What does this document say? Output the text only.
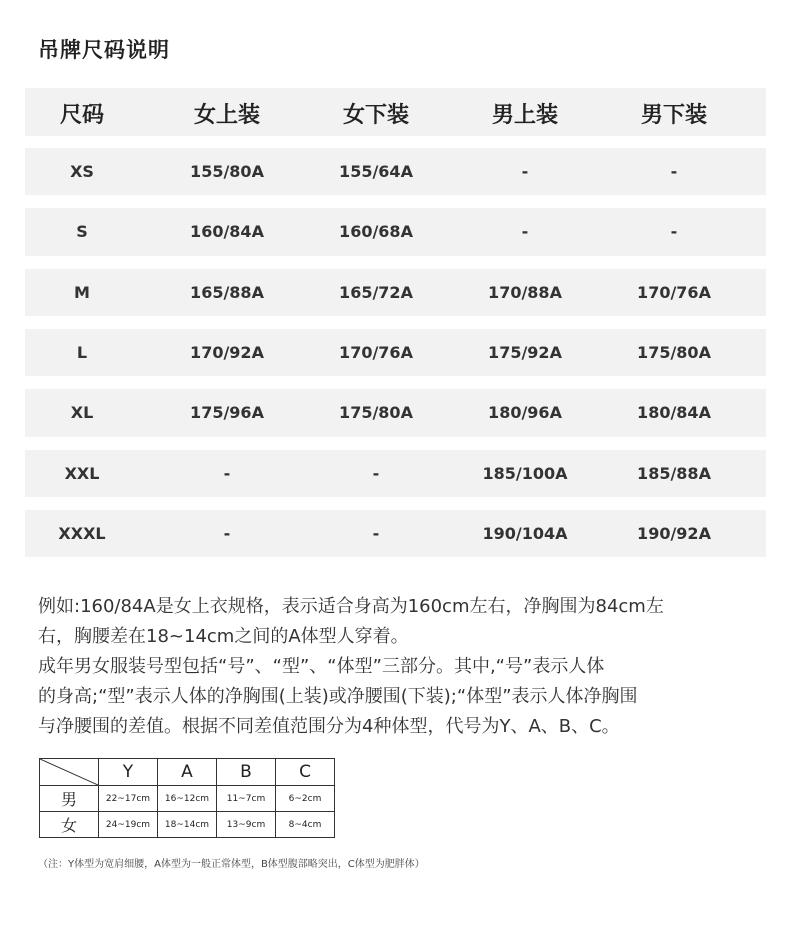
吊牌尺码说明
尺码	女上装	女下装	男上装	男下装
XS	155/80A	155/64A	-	-
S	160/84A	160/68A	-	-
M	165/88A	165/72A	170/88A	170/76A
L	170/92A	170/76A	175/92A	175/80A
XL	175/96A	175/80A	180/96A	180/84A
XXL	-	-	185/100A	185/88A
XXXL	-	-	190/104A	190/92A
例如:160/84A是女上衣规格，表示适合身高为160cm左右，净胸围为84cm左
右，胸腰差在18~14cm之间的A体型人穿着。
成年男女服装号型包括“号”、“型”、“体型”三部分。其中,“号”表示人体
的身高;“型”表示人体的净胸围(上装)或净腰围(下装);“体型”表示人体净胸围
与净腰围的差值。根据不同差值范围分为4种体型，代号为Y、A、B、C。
	Y	A	B	C
男	22~17cm	16~12cm	11~7cm	6~2cm
女	24~19cm	18~14cm	13~9cm	8~4cm
（注：Y体型为宽肩细腰，A体型为一般正常体型，B体型腹部略突出，C体型为肥胖体）
